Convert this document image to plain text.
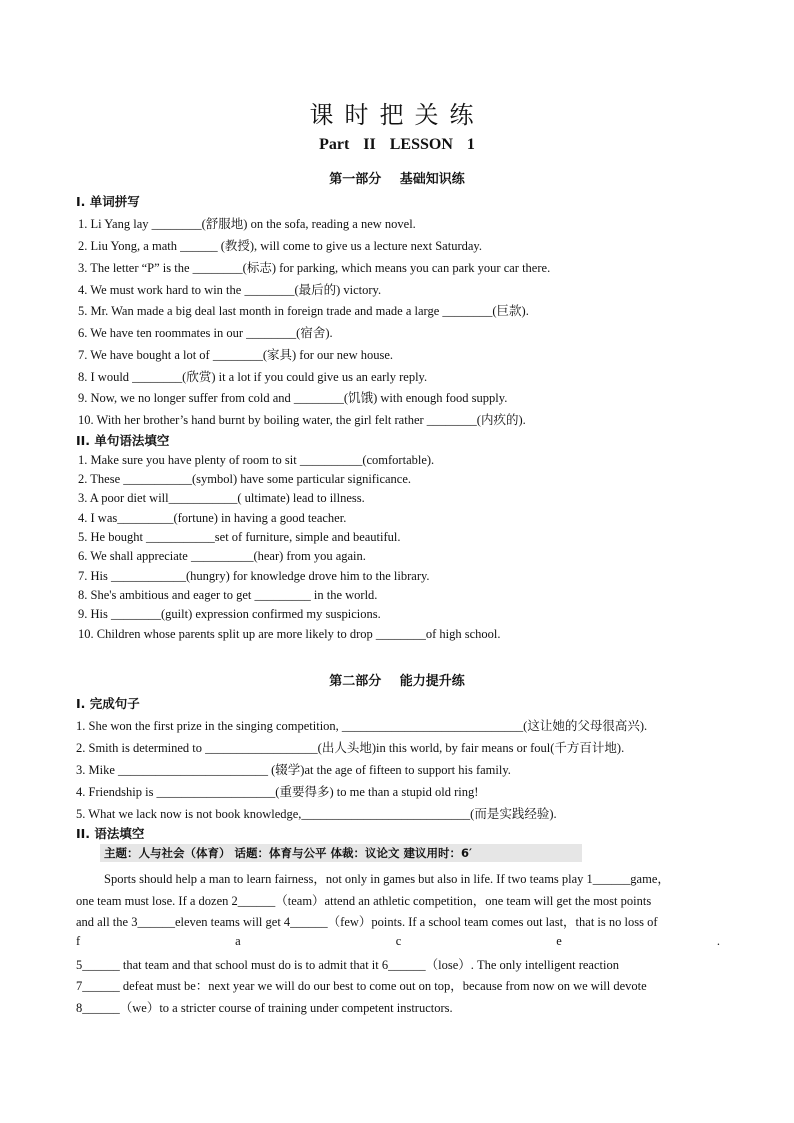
课时把关练
Part II LESSON 1
第一部分 基础知识练
I. 单词拼写
1. Li Yang lay ________(舒服地) on the sofa, reading a new novel.
2. Liu Yong, a math ______ (教授), will come to give us a lecture next Saturday.
3. The letter “P” is the ________(标志) for parking, which means you can park your car there.
4. We must work hard to win the ________(最后的) victory.
5. Mr. Wan made a big deal last month in foreign trade and made a large ________(巨款).
6. We have ten roommates in our ________(宿舍).
7. We have bought a lot of ________(家具) for our new house.
8. I would ________(欣赏) it a lot if you could give us an early reply.
9. Now, we no longer suffer from cold and ________(饥饿) with enough food supply.
10. With her brother’s hand burnt by boiling water, the girl felt rather ________(内疚的).
II. 单句语法填空
1. Make sure you have plenty of room to sit __________(comfortable).
2. These ___________(symbol) have some particular significance.
3. A poor diet will___________( ultimate) lead to illness.
4. I was_________(fortune) in having a good teacher.
5. He bought ___________set of furniture, simple and beautiful.
6. We shall appreciate __________(hear) from you again.
7. His ____________(hungry) for knowledge drove him to the library.
8. She's ambitious and eager to get _________ in the world.
9. His ________(guilt) expression confirmed my suspicions.
10. Children whose parents split up are more likely to drop ________of high school.
第二部分 能力提升练
I. 完成句子
1. She won the first prize in the singing competition, _____________________________(这让她的父母很高兴).
2. Smith is determined to __________________(出人头地)in this world, by fair means or foul(千方百计地).
3. Mike ________________________ (辍学)at the age of fifteen to support his family.
4. Friendship is ___________________(重要得多) to me than a stupid old ring!
5. What we lack now is not book knowledge,___________________________(而是实践经验).
II. 语法填空
主题：人与社会（体育） 话题：体育与公平 体裁：议论文 建议用时：6′
Sports should help a man to learn fairness，not only in games but also in life. If two teams play 1______game，
one team must lose. If a dozen 2______（team）attend an athletic competition，one team will get the most points
and all the 3______eleven teams will get 4______（few）points. If a school team comes out last，that is no loss of
f	a	c	e	.
5______ that team and that school must do is to admit that it 6______（lose）. The only intelligent reaction
7______ defeat must be：next year we will do our best to come out on top，because from now on we will devote
8______（we）to a stricter course of training under competent instructors.
